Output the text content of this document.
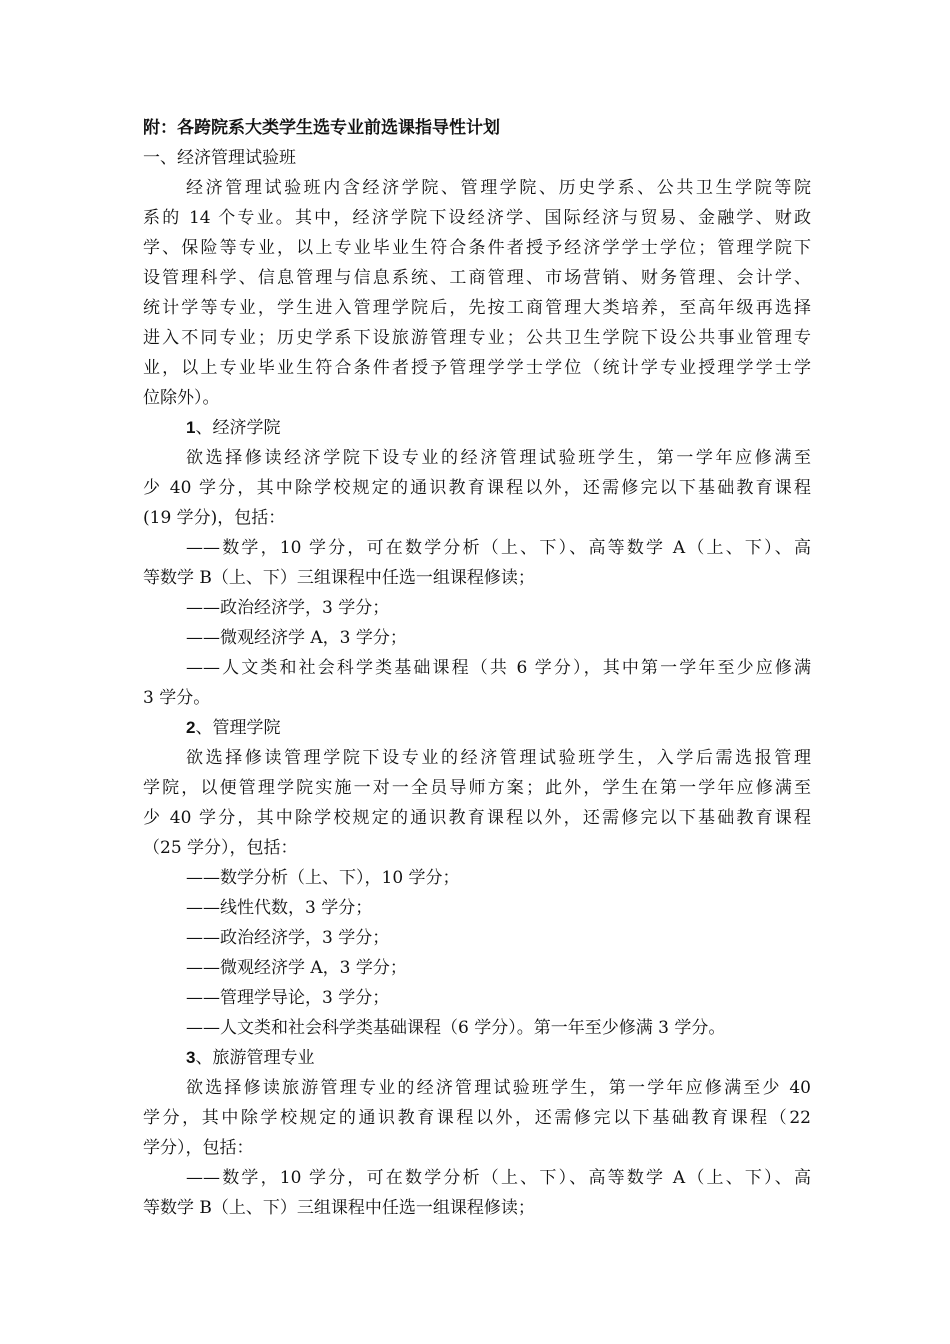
附：各跨院系大类学生选专业前选课指导性计划
一、经济管理试验班
经济管理试验班内含经济学院、管理学院、历史学系、公共卫生学院等院
系的 14 个专业。其中，经济学院下设经济学、国际经济与贸易、金融学、财政
学、保险等专业，以上专业毕业生符合条件者授予经济学学士学位；管理学院下
设管理科学、信息管理与信息系统、工商管理、市场营销、财务管理、会计学、
统计学等专业，学生进入管理学院后，先按工商管理大类培养，至高年级再选择
进入不同专业；历史学系下设旅游管理专业；公共卫生学院下设公共事业管理专
业，以上专业毕业生符合条件者授予管理学学士学位（统计学专业授理学学士学
位除外）。
1、经济学院
欲选择修读经济学院下设专业的经济管理试验班学生，第一学年应修满至
少 40 学分，其中除学校规定的通识教育课程以外，还需修完以下基础教育课程
(19 学分)，包括：
——数学，10 学分，可在数学分析（上、下）、高等数学 A（上、下）、高
等数学 B（上、下）三组课程中任选一组课程修读；
——政治经济学，3 学分；
——微观经济学 A，3 学分；
——人文类和社会科学类基础课程（共 6 学分），其中第一学年至少应修满
3 学分。
2、管理学院
欲选择修读管理学院下设专业的经济管理试验班学生，入学后需选报管理
学院，以便管理学院实施一对一全员导师方案；此外，学生在第一学年应修满至
少 40 学分，其中除学校规定的通识教育课程以外，还需修完以下基础教育课程
（25 学分），包括：
——数学分析（上、下），10 学分；
——线性代数，3 学分；
——政治经济学，3 学分；
——微观经济学 A，3 学分；
——管理学导论，3 学分；
——人文类和社会科学类基础课程（6 学分）。第一年至少修满 3 学分。
3、旅游管理专业
欲选择修读旅游管理专业的经济管理试验班学生，第一学年应修满至少 40
学分，其中除学校规定的通识教育课程以外，还需修完以下基础教育课程（22
学分），包括：
——数学，10 学分，可在数学分析（上、下）、高等数学 A（上、下）、高
等数学 B（上、下）三组课程中任选一组课程修读；
